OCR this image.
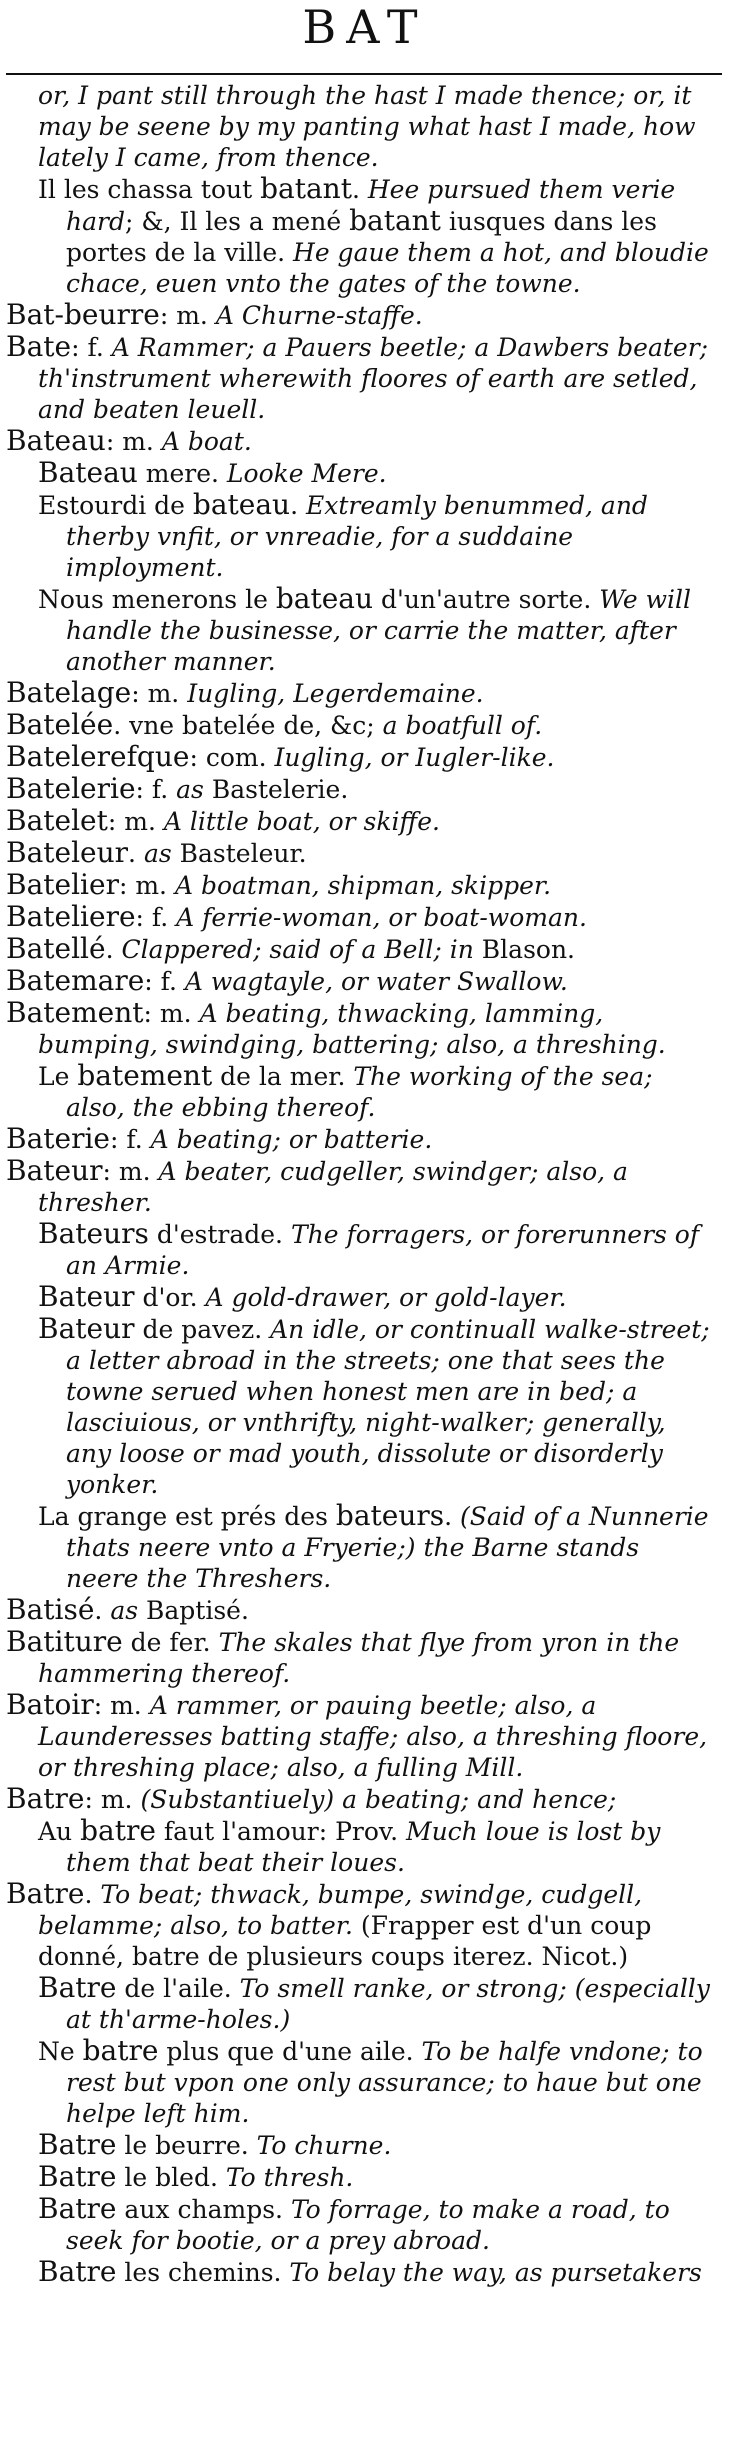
BAT

or, I pant still through the hast I made thence; or, it may be seene by my panting what hast I made, how lately I came, from thence.

Il les chassa tout batant. Hee pursued them verie hard; &, Il les a mené batant iusques dans les portes de la ville. He gaue them a hot, and bloudie chace, euen vnto the gates of the towne.

Bat-beurre: m. A Churne-staffe.

Bate: f. A Rammer; a Pauers beetle; a Dawbers beater; th'instrument wherewith floores of earth are setled, and beaten leuell.

Bateau: m. A boat.

Bateau mere. Looke Mere.

Estourdi de bateau. Extreamly benummed, and therby vnfit, or vnreadie, for a suddaine imployment.

Nous menerons le bateau d'un'autre sorte. We will handle the businesse, or carrie the matter, after another manner.

Batelage: m. Iugling, Legerdemaine.

Batelée. vne batelée de, &c; a boatfull of.

Batelerefque: com. Iugling, or Iugler-like.

Batelerie: f. as Bastelerie.

Batelet: m. A little boat, or skiffe.

Bateleur. as Basteleur.

Batelier: m. A boatman, shipman, skipper.

Bateliere: f. A ferrie-woman, or boat-woman.

Batellé. Clappered; said of a Bell; in Blason.

Batemare: f. A wagtayle, or water Swallow.

Batement: m. A beating, thwacking, lamming, bumping, swindging, battering; also, a threshing.

Le batement de la mer. The working of the sea; also, the ebbing thereof.

Baterie: f. A beating; or batterie.

Bateur: m. A beater, cudgeller, swindger; also, a thresher.

Bateurs d'estrade. The forragers, or forerunners of an Armie.

Bateur d'or. A gold-drawer, or gold-layer.

Bateur de pavez. An idle, or continuall walke-street; a letter abroad in the streets; one that sees the towne serued when honest men are in bed; a lasciuious, or vnthrifty, night-walker; generally, any loose or mad youth, dissolute or disorderly yonker.

La grange est prés des bateurs. (Said of a Nunnerie thats neere vnto a Fryerie;) the Barne stands neere the Threshers.

Batisé. as Baptisé.

Batiture de fer. The skales that flye from yron in the hammering thereof.

Batoir: m. A rammer, or pauing beetle; also, a Launderesses batting staffe; also, a threshing floore, or threshing place; also, a fulling Mill.

Batre: m. (Substantiuely) a beating; and hence;

Au batre faut l'amour: Prov. Much loue is lost by them that beat their loues.

Batre. To beat; thwack, bumpe, swindge, cudgell, belamme; also, to batter. (Frapper est d'un coup donné, batre de plusieurs coups iterez. Nicot.)

Batre de l'aile. To smell ranke, or strong; (especially at th'arme-holes.)

Ne batre plus que d'une aile. To be halfe vndone; to rest but vpon one only assurance; to haue but one helpe left him.

Batre le beurre. To churne.

Batre le bled. To thresh.

Batre aux champs. To forrage, to make a road, to seek for bootie, or a prey abroad.

Batre les chemins. To belay the way, as pursetakers
